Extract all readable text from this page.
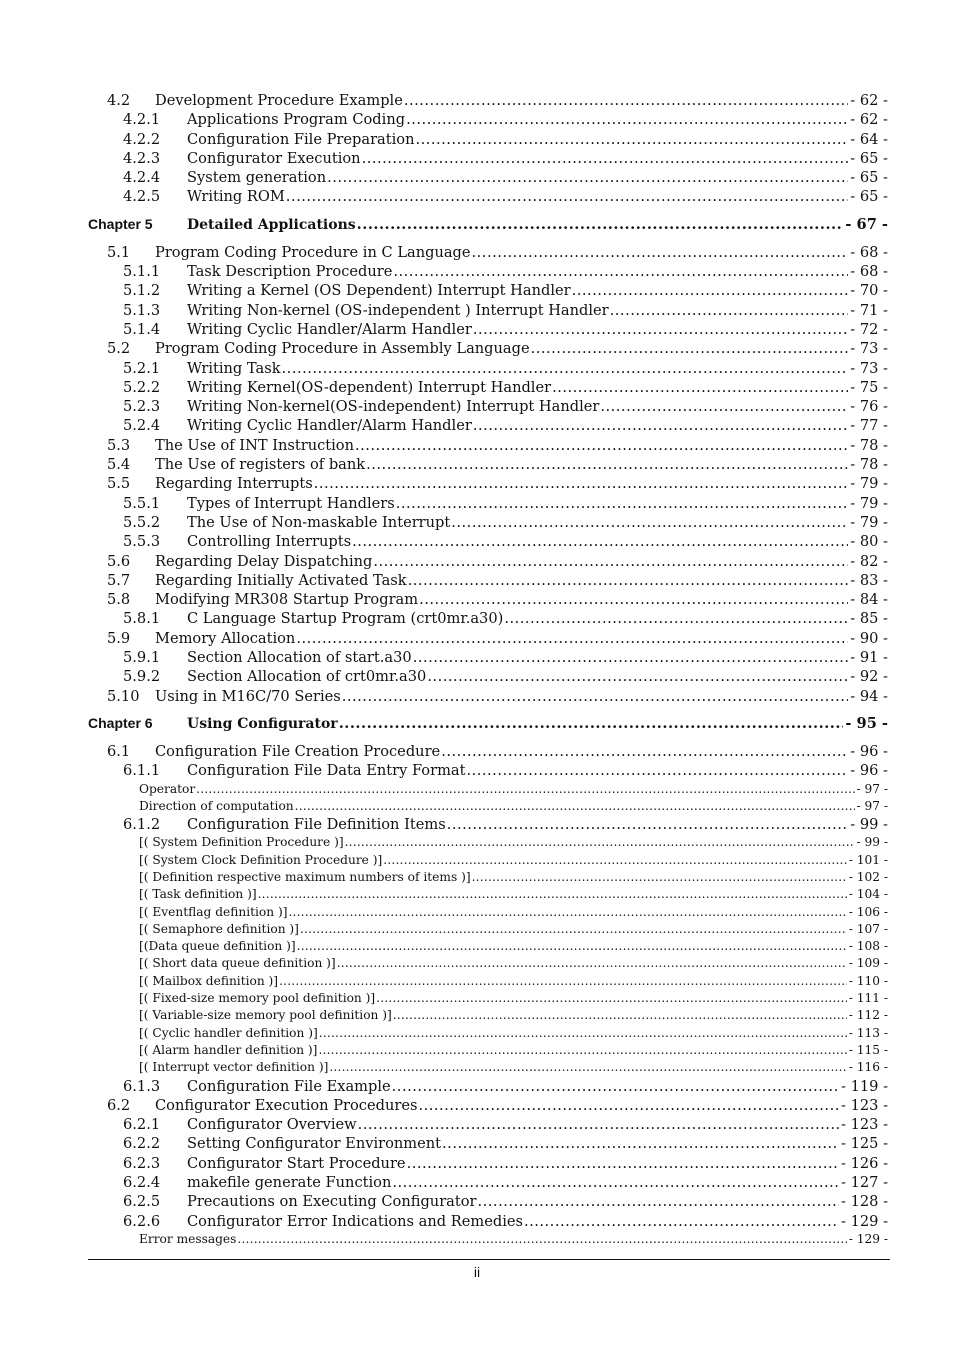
4.2	Development Procedure Example .....	- 62 -
4.2.1	Applications Program Coding .....	- 62 -
4.2.2	Configuration File Preparation .....	- 64 -
4.2.3	Configurator Execution .....	- 65 -
4.2.4	System generation .....	- 65 -
4.2.5	Writing ROM .....	- 65 -
Chapter 5	Detailed Applications .....	- 67 -
5.1	Program Coding Procedure in C Language .....	- 68 -
5.1.1	Task Description Procedure .....	- 68 -
5.1.2	Writing a Kernel (OS Dependent) Interrupt Handler .....	- 70 -
5.1.3	Writing Non-kernel (OS-independent ) Interrupt Handler .....	- 71 -
5.1.4	Writing Cyclic Handler/Alarm Handler .....	- 72 -
5.2	Program Coding Procedure in Assembly Language .....	- 73 -
5.2.1	Writing Task .....	- 73 -
5.2.2	Writing Kernel(OS-dependent) Interrupt Handler .....	- 75 -
5.2.3	Writing Non-kernel(OS-independent) Interrupt Handler .....	- 76 -
5.2.4	Writing Cyclic Handler/Alarm Handler .....	- 77 -
5.3	The Use of INT Instruction .....	- 78 -
5.4	The Use of registers of bank .....	- 78 -
5.5	Regarding Interrupts .....	- 79 -
5.5.1	Types of Interrupt Handlers .....	- 79 -
5.5.2	The Use of Non-maskable Interrupt .....	- 79 -
5.5.3	Controlling Interrupts .....	- 80 -
5.6	Regarding Delay Dispatching .....	- 82 -
5.7	Regarding Initially Activated Task .....	- 83 -
5.8	Modifying MR308 Startup Program .....	- 84 -
5.8.1	C Language Startup Program (crt0mr.a30) .....	- 85 -
5.9	Memory Allocation .....	- 90 -
5.9.1	Section Allocation of start.a30 .....	- 91 -
5.9.2	Section Allocation of crt0mr.a30 .....	- 92 -
5.10	Using in M16C/70 Series .....	- 94 -
Chapter 6	Using Configurator .....	- 95 -
6.1	Configuration File Creation Procedure .....	- 96 -
6.1.1	Configuration File Data Entry Format .....	- 96 -
Operator .....	- 97 -
Direction of computation .....	- 97 -
6.1.2	Configuration File Definition Items .....	- 99 -
[( System Definition Procedure )] .....	- 99 -
[( System Clock Definition Procedure )] .....	- 101 -
[( Definition respective maximum numbers of items )] .....	- 102 -
[( Task definition )] .....	- 104 -
[( Eventflag definition )] .....	- 106 -
[( Semaphore definition )] .....	- 107 -
[(Data queue definition )] .....	- 108 -
[( Short data queue definition )] .....	- 109 -
[( Mailbox definition )] .....	- 110 -
[( Fixed-size memory pool definition )] .....	- 111 -
[( Variable-size memory pool definition )] .....	- 112 -
[( Cyclic handler definition )] .....	- 113 -
[( Alarm handler definition )] .....	- 115 -
[( Interrupt vector definition )] .....	- 116 -
6.1.3	Configuration File Example .....	- 119 -
6.2	Configurator Execution Procedures .....	- 123 -
6.2.1	Configurator Overview .....	- 123 -
6.2.2	Setting Configurator Environment .....	- 125 -
6.2.3	Configurator Start Procedure .....	- 126 -
6.2.4	makefile generate Function .....	- 127 -
6.2.5	Precautions on Executing Configurator .....	- 128 -
6.2.6	Configurator Error Indications and Remedies .....	- 129 -
Error messages .....	- 129 -
ii
